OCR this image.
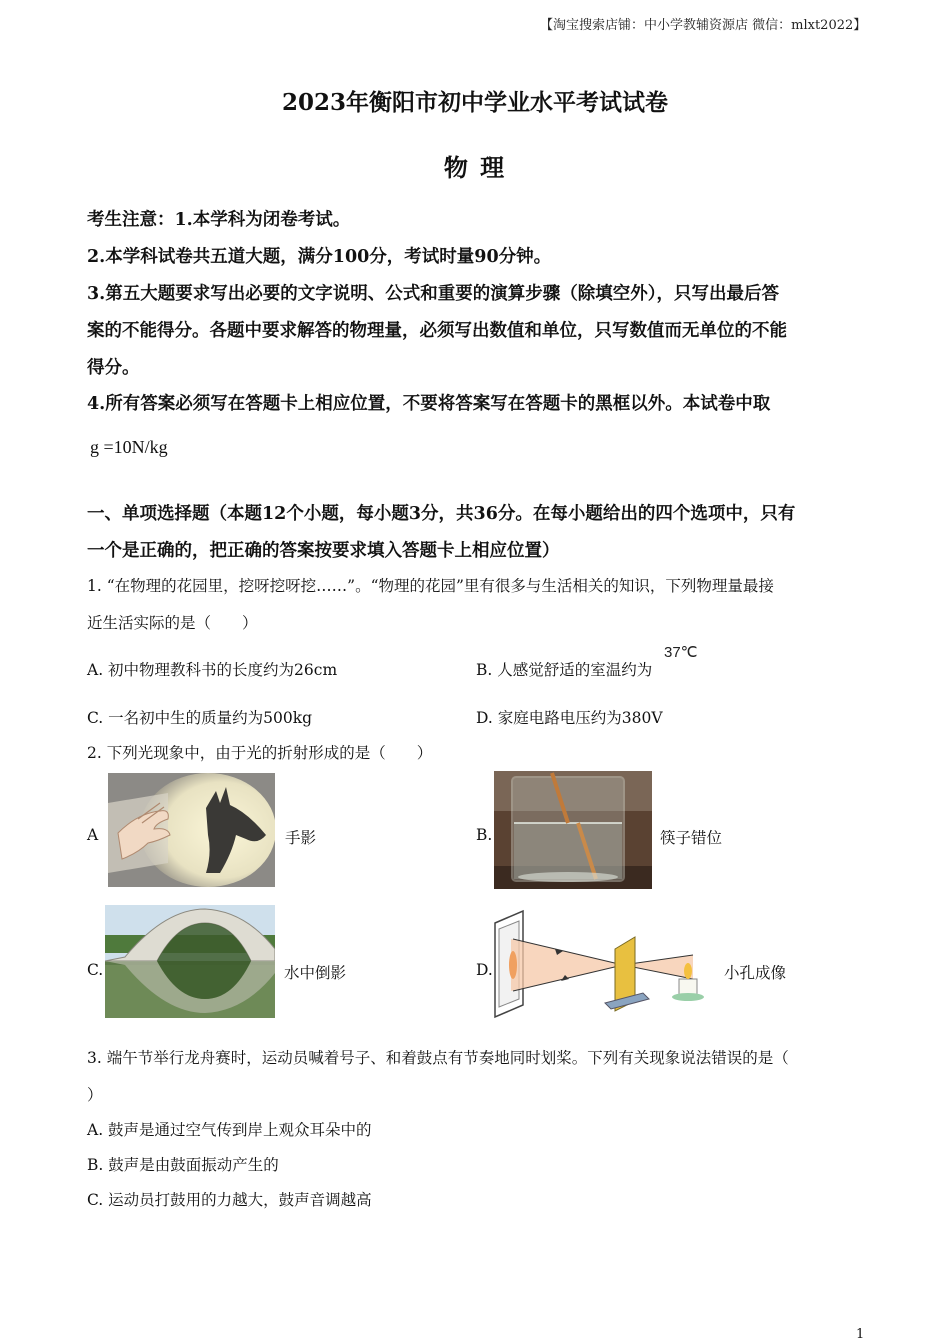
【淘宝搜索店铺：中小学教辅资源店 微信：mlxt2022】
2023年衡阳市初中学业水平考试试卷
物 理
考生注意：1.本学科为闭卷考试。
2.本学科试卷共五道大题，满分100分，考试时量90分钟。
3.第五大题要求写出必要的文字说明、公式和重要的演算步骤（除填空外），只写出最后答
案的不能得分。各题中要求解答的物理量，必须写出数值和单位，只写数值而无单位的不能
得分。
4.所有答案必须写在答题卡上相应位置，不要将答案写在答题卡的黑框以外。本试卷中取
g =10N/kg
一、单项选择题（本题12个小题，每小题3分，共36分。在每小题给出的四个选项中，只有
一个是正确的，把正确的答案按要求填入答题卡上相应位置）
1. “在物理的花园里，挖呀挖呀挖……”。“物理的花园”里有很多与生活相关的知识，下列物理量最接
近生活实际的是（　　）
A. 初中物理教科书的长度约为26cm	B. 人感觉舒适的室温约为
37℃
C. 一名初中生的质量约为500kg	D. 家庭电路电压约为380V
2. 下列光现象中，由于光的折射形成的是（　　）
A	手影	B.	筷子错位
C.	水中倒影	D.	小孔成像
3. 端午节举行龙舟赛时，运动员喊着号子、和着鼓点有节奏地同时划桨。下列有关现象说法错误的是（
）
A. 鼓声是通过空气传到岸上观众耳朵中的
B. 鼓声是由鼓面振动产生的
C. 运动员打鼓用的力越大，鼓声音调越高
1
